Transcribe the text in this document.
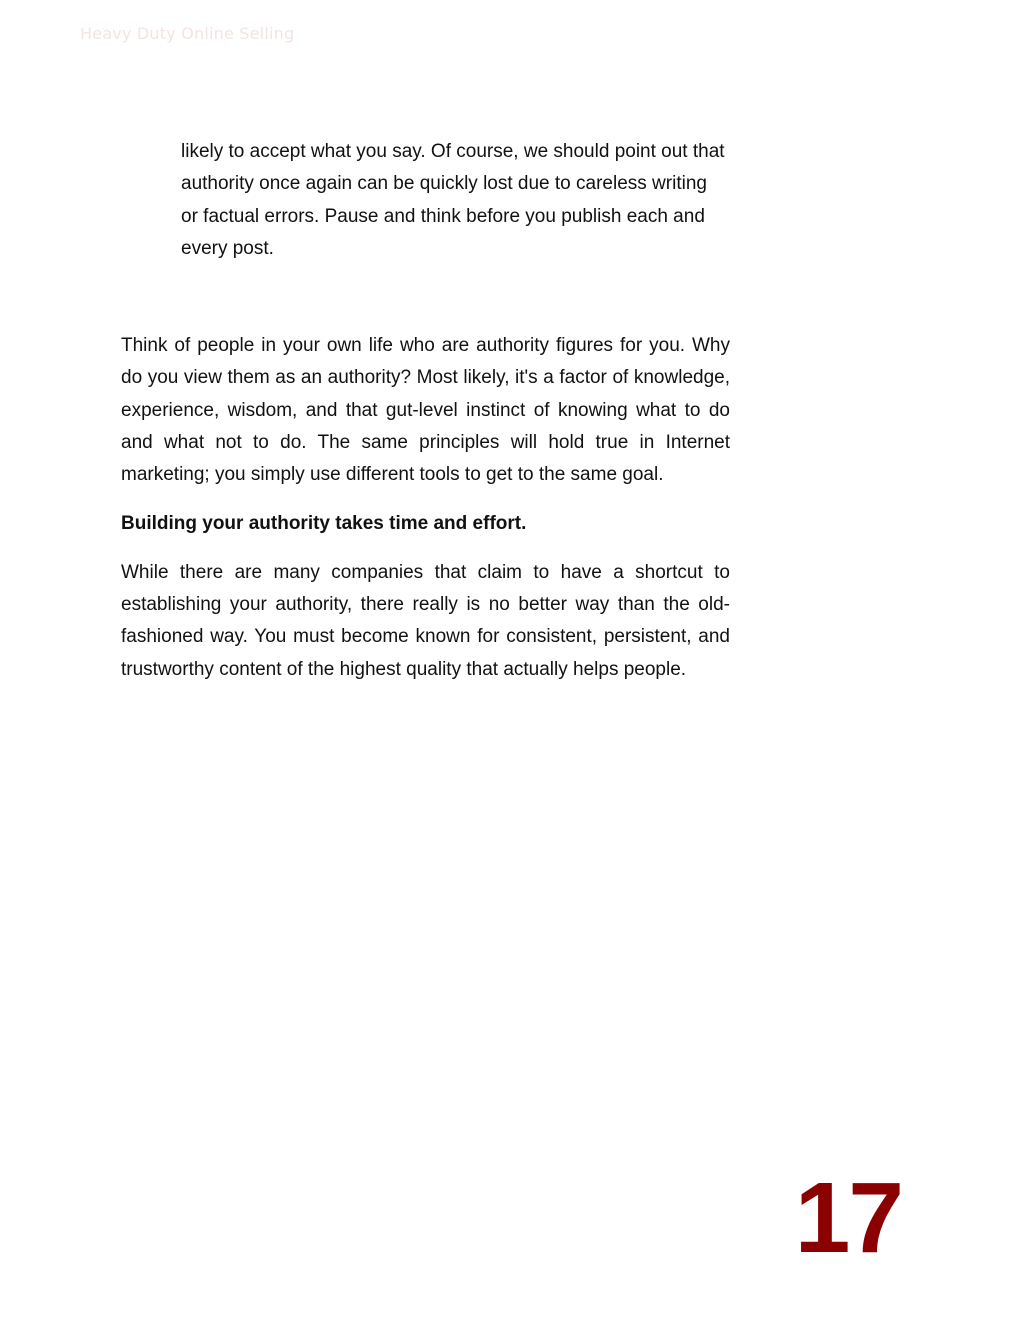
Heavy Duty Online Selling

likely to accept what you say. Of course, we should point out that authority once again can be quickly lost due to careless writing or factual errors. Pause and think before you publish each and every post.

Think of people in your own life who are authority figures for you. Why do you view them as an authority? Most likely, it's a factor of knowledge, experience, wisdom, and that gut-level instinct of knowing what to do and what not to do. The same principles will hold true in Internet marketing; you simply use different tools to get to the same goal.

Building your authority takes time and effort.

While there are many companies that claim to have a shortcut to establishing your authority, there really is no better way than the old-fashioned way. You must become known for consistent, persistent, and trustworthy content of the highest quality that actually helps people.

17
